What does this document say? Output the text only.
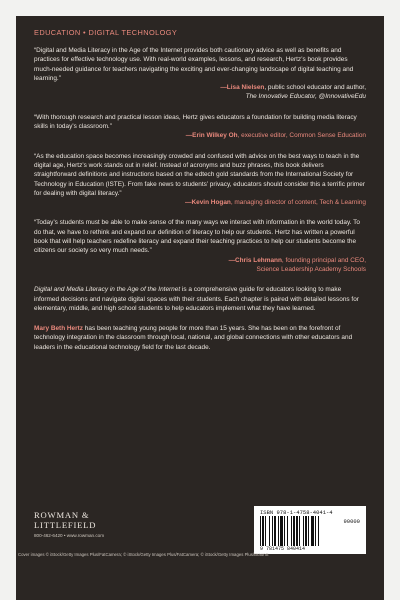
EDUCATION • DIGITAL TECHNOLOGY
“Digital and Media Literacy in the Age of the Internet provides both cautionary advice as well as benefits and practices for effective technology use. With real-world examples, lessons, and research, Hertz’s book provides much-needed guidance for teachers navigating the exciting and ever-changing landscape of digital teaching and learning.”
—Lisa Nielsen, public school educator and author,
The Innovative Educator, @InnovativeEdu
“With thorough research and practical lesson ideas, Hertz gives educators a foundation for building media literacy skills in today’s classroom.”
—Erin Wilkey Oh, executive editor, Common Sense Education
“As the education space becomes increasingly crowded and confused with advice on the best ways to teach in the digital age, Hertz’s work stands out in relief. Instead of acronyms and buzz phrases, this book delivers straightforward definitions and instructions based on the edtech gold standards from the International Society for Technology in Education (ISTE). From fake news to students’ privacy, educators should consider this a terrific primer for dealing with digital literacy.”
—Kevin Hogan, managing director of content, Tech & Learning
“Today’s students must be able to make sense of the many ways we interact with information in the world today. To do that, we have to rethink and expand our definition of literacy to help our students. Hertz has written a powerful book that will help teachers redefine literacy and expand their teaching practices to help our students become the citizens our society so very much needs.”
—Chris Lehmann, founding principal and CEO,
Science Leadership Academy Schools
Digital and Media Literacy in the Age of the Internet is a comprehensive guide for educators looking to make informed decisions and navigate digital spaces with their students. Each chapter is paired with detailed lessons for elementary, middle, and high school students to help educators implement what they have learned.
Mary Beth Hertz has been teaching young people for more than 15 years. She has been on the forefront of technology integration in the classroom through local, national, and global connections with other educators and leaders in the educational technology field for the last decade.
ROWMAN &
LITTLEFIELD
800-462-6420 • www.rowman.com
ISBN 978-1-4758-4041-4
90000
9 781475 840414
Cover images © iStock/Getty Images Plus/FatCamera; © iStock/Getty Images Plus/FatCamera; © iStock/Getty Images Plus/BraunS
